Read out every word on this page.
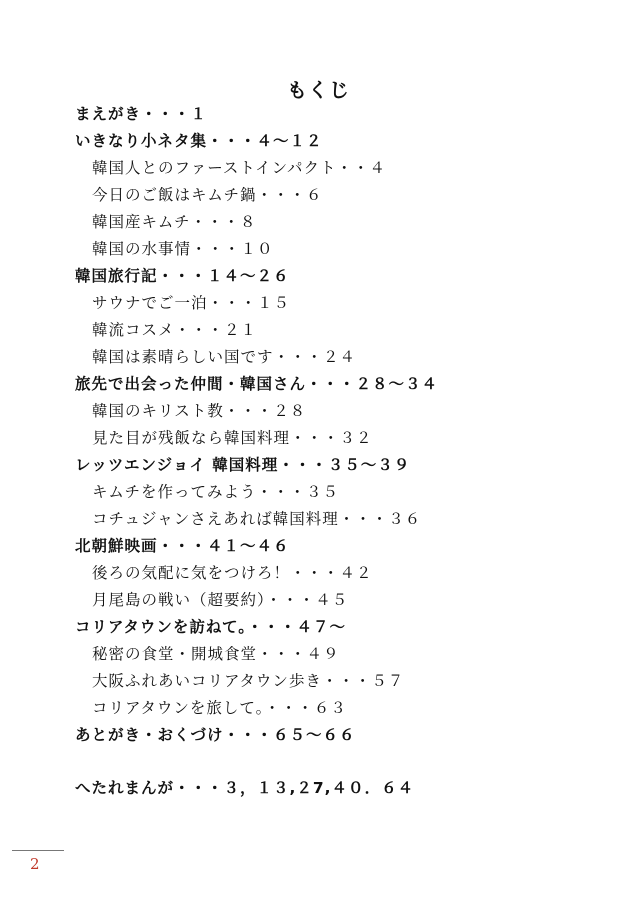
もくじ
まえがき・・・１
いきなり小ネタ集・・・４～１２
韓国人とのファーストインパクト・・４
今日のご飯はキムチ鍋・・・６
韓国産キムチ・・・８
韓国の水事情・・・１０
韓国旅行記・・・１４～２６
サウナでご一泊・・・１５
韓流コスメ・・・２１
韓国は素晴らしい国です・・・２４
旅先で出会った仲間・韓国さん・・・２８～３４
韓国のキリスト教・・・２８
見た目が残飯なら韓国料理・・・３２
レッツエンジョイ 韓国料理・・・３５～３９
キムチを作ってみよう・・・３５
コチュジャンさえあれば韓国料理・・・３６
北朝鮮映画・・・４１～４６
後ろの気配に気をつけろ！・・・４２
月尾島の戦い（超要約）・・・４５
コリアタウンを訪ねて。・・・４７～
秘密の食堂・開城食堂・・・４９
大阪ふれあいコリアタウン歩き・・・５７
コリアタウンを旅して。・・・６３
あとがき・おくづけ・・・６５～６６
へたれまんが・・・３，１３,２7,４０．６４
2
